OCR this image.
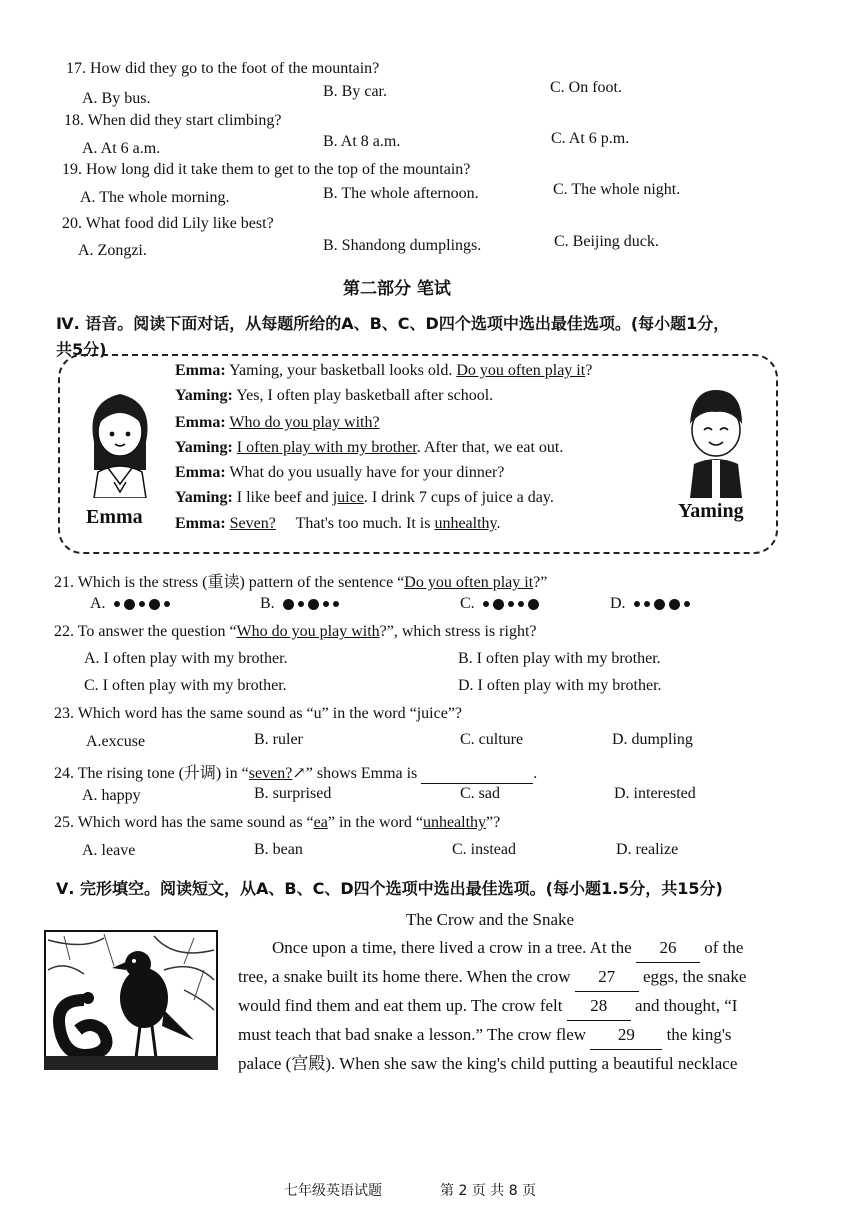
17. How did they go to the foot of the mountain?
A. By bus.	B. By car.	C. On foot.
18. When did they start climbing?
A. At 6 a.m.	B. At 8 a.m.	C. At 6 p.m.
19. How long did it take them to get to the top of the mountain?
A. The whole morning.	B. The whole afternoon.	C. The whole night.
20. What food did Lily like best?
A. Zongzi.	B. Shandong dumplings.	C. Beijing duck.
第二部分 笔试
Ⅳ. 语音。阅读下面对话，从每题所给的A、B、C、D四个选项中选出最佳选项。(每小题1分，
共5分)
Emma	Yaming
Emma: Yaming, your basketball looks old. Do you often play it?
Yaming: Yes, I often play basketball after school.
Emma: Who do you play with?
Yaming: I often play with my brother. After that, we eat out.
Emma: What do you usually have for your dinner?
Yaming: I like beef and juice. I drink 7 cups of juice a day.
Emma: Seven?     That's too much. It is unhealthy.
21. Which is the stress (重读) pattern of the sentence “Do you often play it?”
A.	B.	C.	D.
22. To answer the question “Who do you play with?”, which stress is right?
A. I often play with my brother.	B. I often play with my brother.
C. I often play with my brother.	D. I often play with my brother.
23. Which word has the same sound as “u” in the word “juice”?
A.excuse	B. ruler	C. culture	D. dumpling
24. The rising tone (升调) in “seven?↗” shows Emma is	.
A. happy	B. surprised	C. sad	D. interested
25. Which word has the same sound as “ea” in the word “unhealthy”?
A. leave	B. bean	C. instead	D. realize
Ⅴ. 完形填空。阅读短文，从A、B、C、D四个选项中选出最佳选项。(每小题1.5分，共15分)
The Crow and the Snake
Once upon a time, there lived a crow in a tree. At the 26 of the
tree, a snake built its home there. When the crow 27 eggs, the snake
would find them and eat them up. The crow felt 28 and thought, “I
must teach that bad snake a lesson.” The crow flew 29 the king's
palace (宫殿). When she saw the king's child putting a beautiful necklace
七年级英语试题	第 2 页 共 8 页
